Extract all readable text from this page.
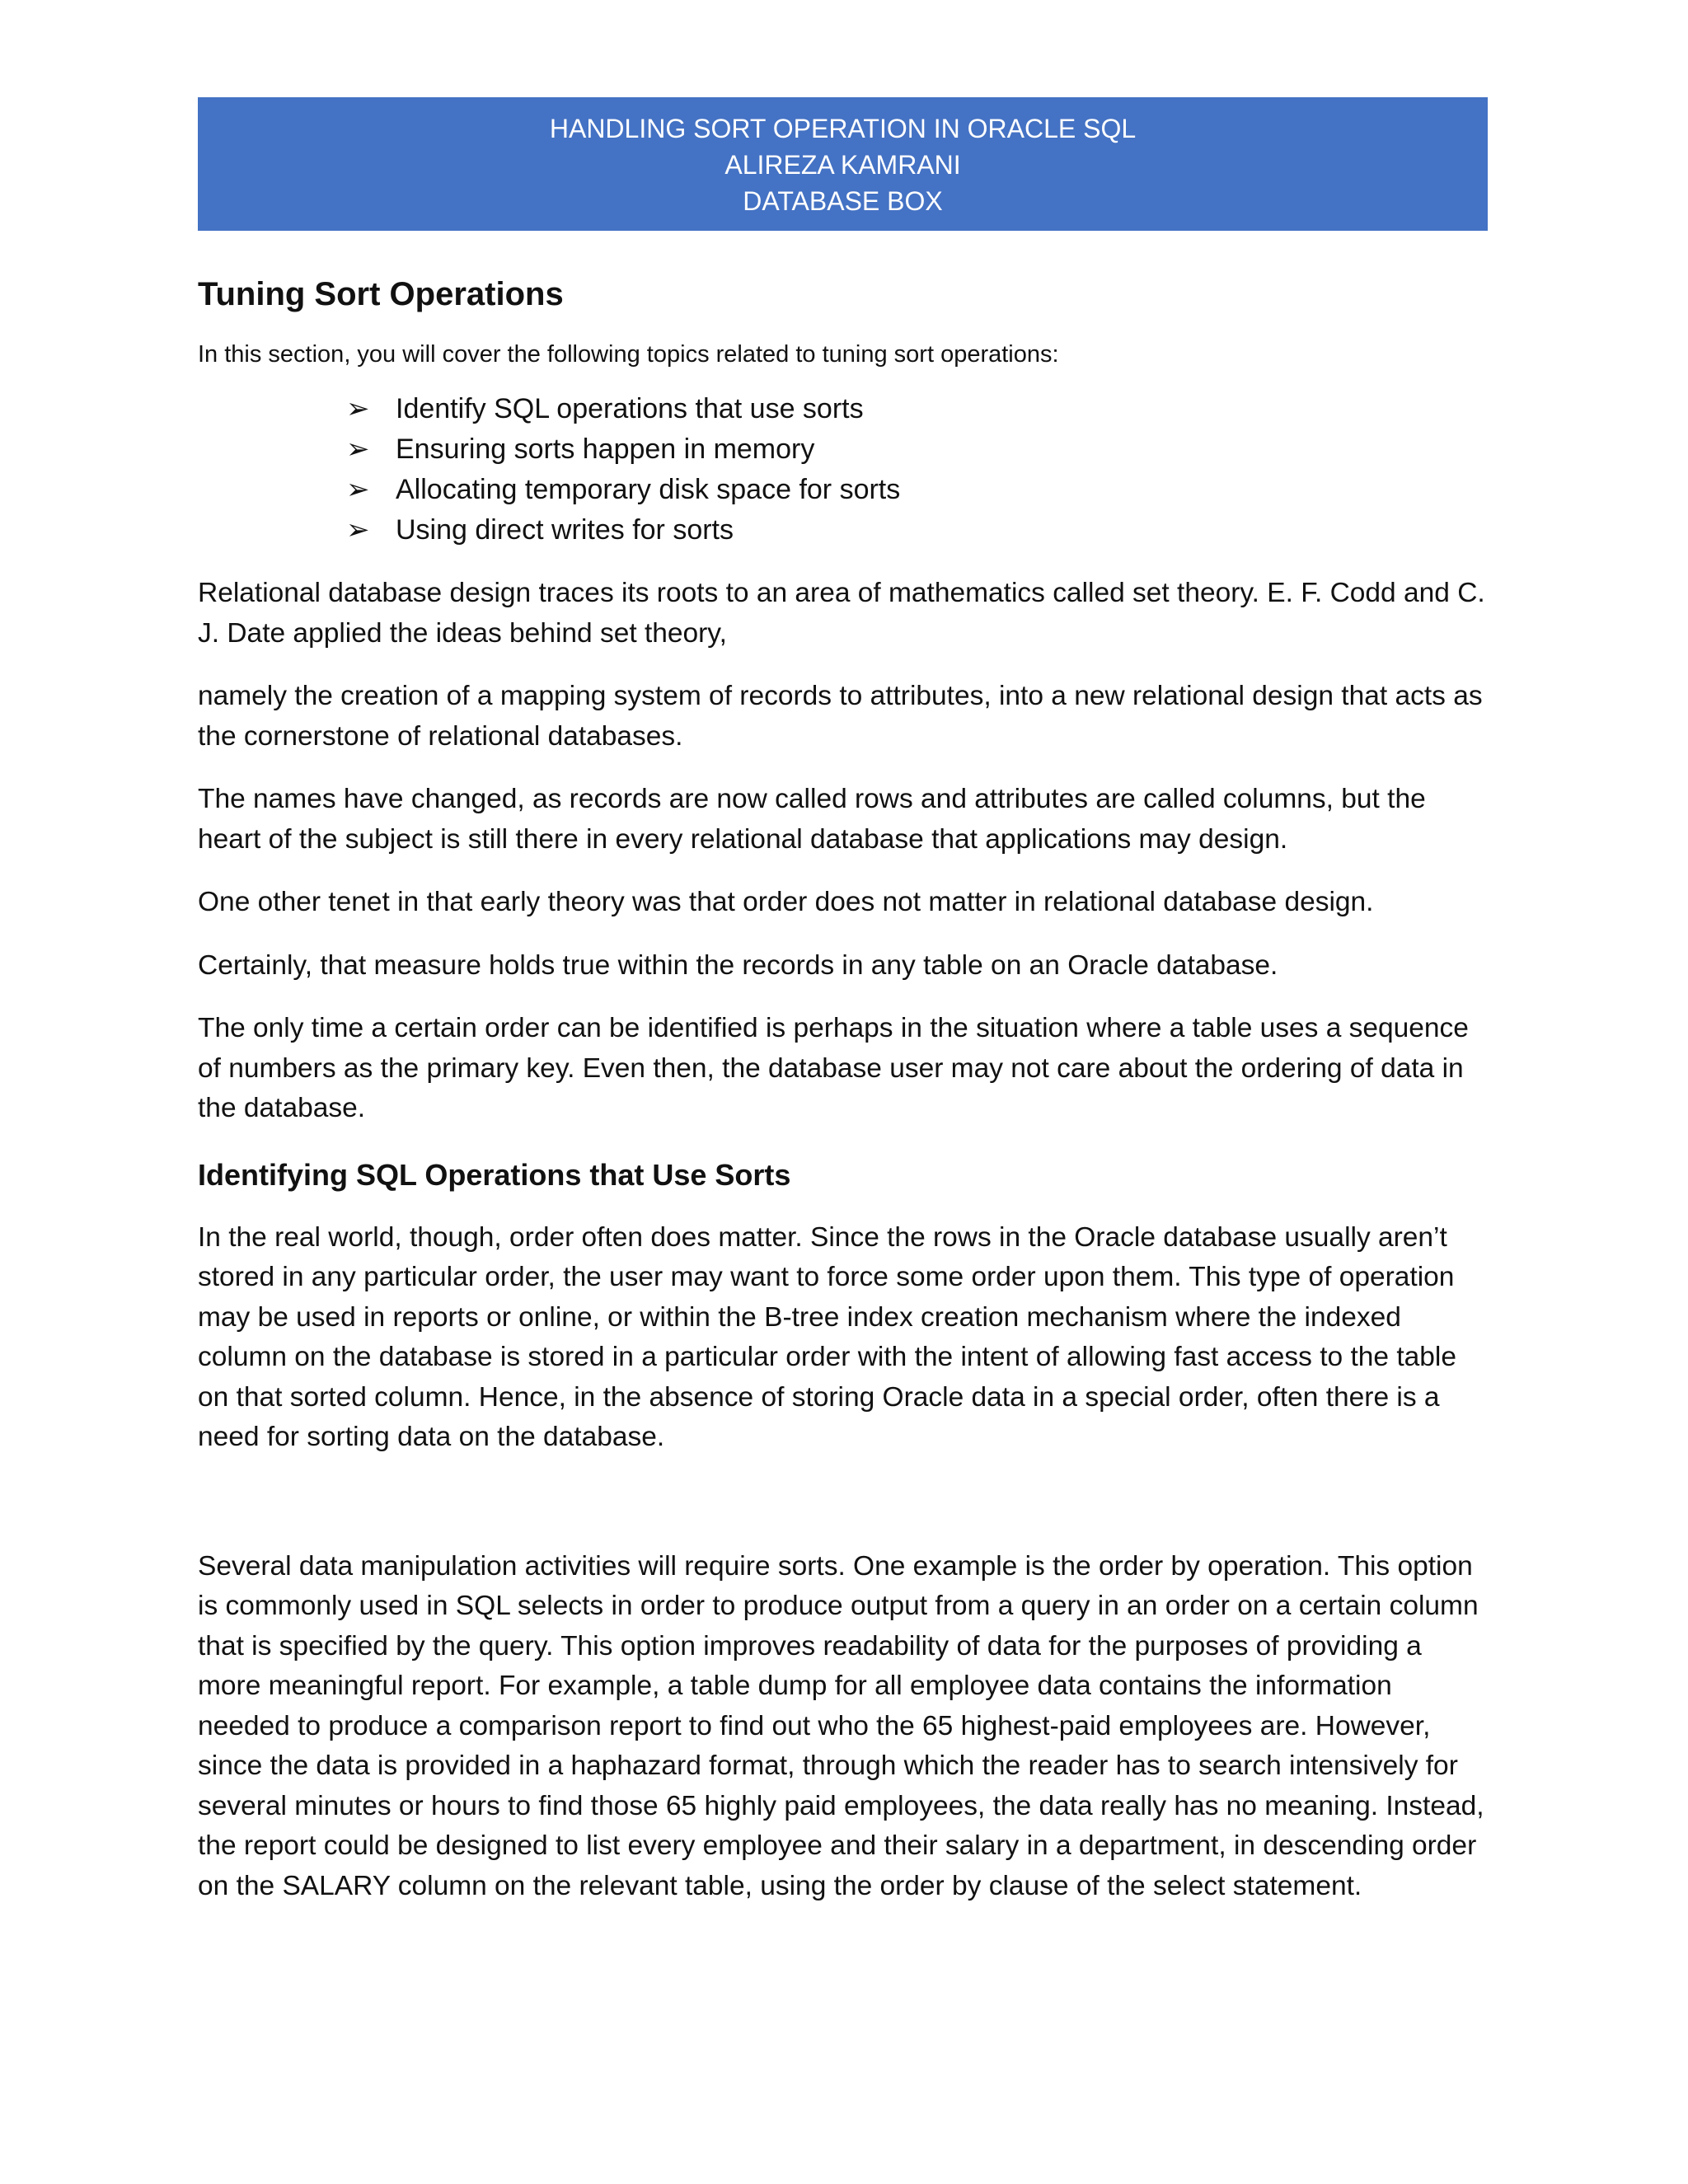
HANDLING SORT OPERATION IN ORACLE SQL
ALIREZA KAMRANI
DATABASE BOX
Tuning Sort Operations
In this section, you will cover the following topics related to tuning sort operations:
➢ Identify SQL operations that use sorts
➢ Ensuring sorts happen in memory
➢ Allocating temporary disk space for sorts
➢ Using direct writes for sorts

Relational database design traces its roots to an area of mathematics called set theory. E. F. Codd and C. J. Date applied the ideas behind set theory,

namely the creation of a mapping system of records to attributes, into a new relational design that acts as the cornerstone of relational databases.

The names have changed, as records are now called rows and attributes are called columns, but the heart of the subject is still there in every relational database that applications may design.

One other tenet in that early theory was that order does not matter in relational database design.

Certainly, that measure holds true within the records in any table on an Oracle database.

The only time a certain order can be identified is perhaps in the situation where a table uses a sequence of numbers as the primary key. Even then, the database user may not care about the ordering of data in the database.

Identifying SQL Operations that Use Sorts

In the real world, though, order often does matter. Since the rows in the Oracle database usually aren’t stored in any particular order, the user may want to force some order upon them. This type of operation may be used in reports or online, or within the B-tree index creation mechanism where the indexed column on the database is stored in a particular order with the intent of allowing fast access to the table on that sorted column. Hence, in the absence of storing Oracle data in a special order, often there is a need for sorting data on the database.

Several data manipulation activities will require sorts. One example is the order by operation. This option is commonly used in SQL selects in order to produce output from a query in an order on a certain column that is specified by the query. This option improves readability of data for the purposes of providing a more meaningful report. For example, a table dump for all employee data contains the information needed to produce a comparison report to find out who the 65 highest-paid employees are. However, since the data is provided in a haphazard format, through which the reader has to search intensively for several minutes or hours to find those 65 highly paid employees, the data really has no meaning. Instead, the report could be designed to list every employee and their salary in a department, in descending order on the SALARY column on the relevant table, using the order by clause of the select statement.
